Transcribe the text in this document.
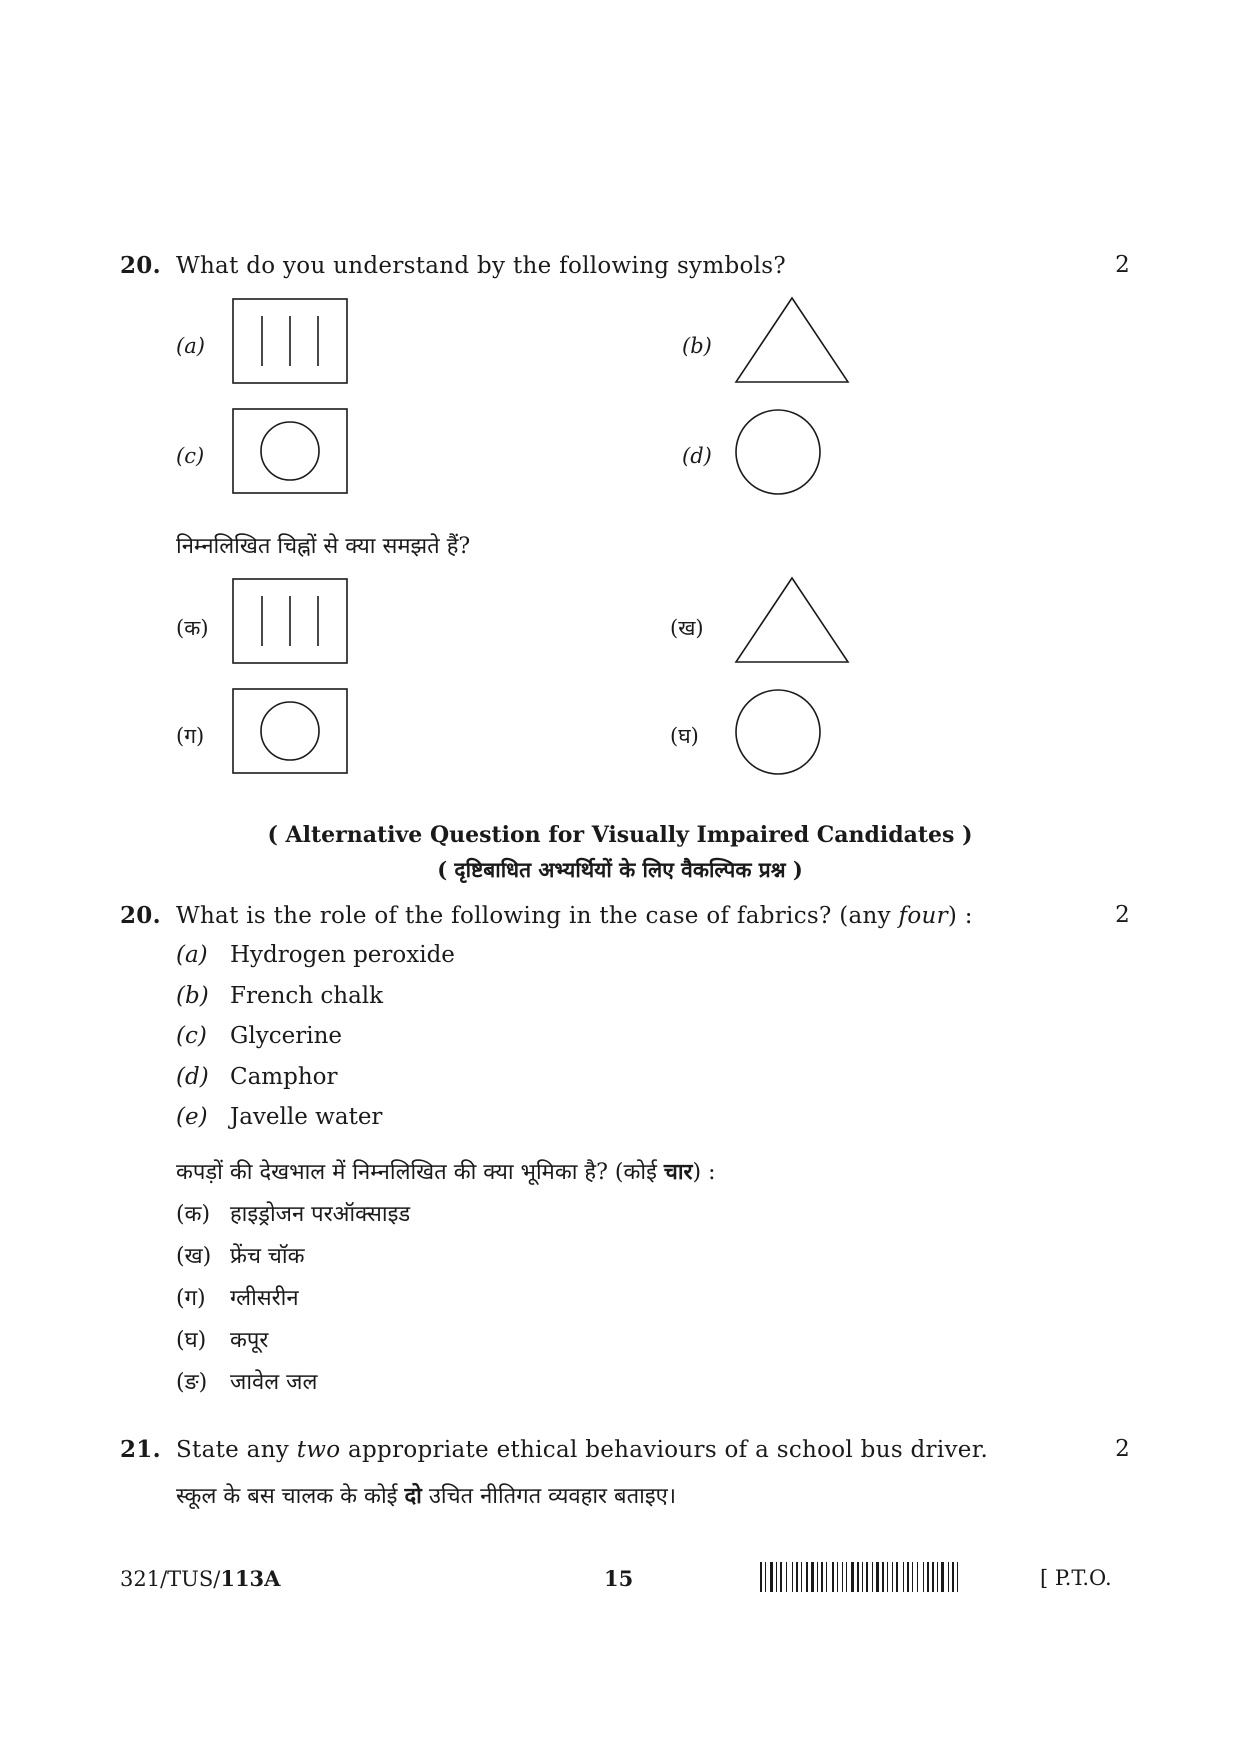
20. What do you understand by the following symbols?	2
(a)	(b)
(c)	(d)
निम्नलिखित चिह्नों से क्या समझते हैं?
(क)	(ख)
(ग)	(घ)
( Alternative Question for Visually Impaired Candidates )
( दृष्टिबाधित अभ्यर्थियों के लिए वैकल्पिक प्रश्न )
20. What is the role of the following in the case of fabrics? (any four) :	2
(a) Hydrogen peroxide
(b) French chalk
(c) Glycerine
(d) Camphor
(e) Javelle water
कपड़ों की देखभाल में निम्नलिखित की क्या भूमिका है? (कोई चार) :
(क) हाइड्रोजन परऑक्साइड
(ख) फ्रेंच चॉक
(ग) ग्लीसरीन
(घ) कपूर
(ङ) जावेल जल
21. State any two appropriate ethical behaviours of a school bus driver.	2
स्कूल के बस चालक के कोई दो उचित नीतिगत व्यवहार बताइए।
321/TUS/113A	15	[ P.T.O.
